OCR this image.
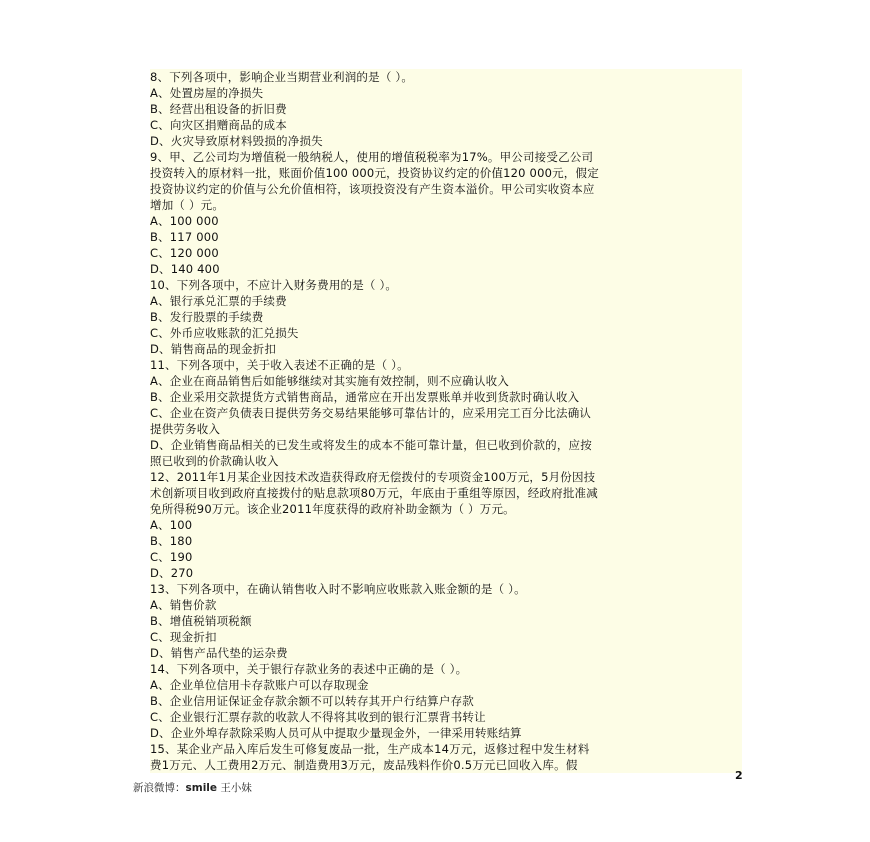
8、下列各项中，影响企业当期营业利润的是（ ）。
A、处置房屋的净损失
B、经营出租设备的折旧费
C、向灾区捐赠商品的成本
D、火灾导致原材料毁损的净损失
9、甲、乙公司均为增值税一般纳税人，使用的增值税税率为17%。甲公司接受乙公司
投资转入的原材料一批，账面价值100 000元，投资协议约定的价值120 000元，假定
投资协议约定的价值与公允价值相符，该项投资没有产生资本溢价。甲公司实收资本应
增加（ ）元。
A、100 000
B、117 000
C、120 000
D、140 400
10、下列各项中，不应计入财务费用的是（ ）。
A、银行承兑汇票的手续费
B、发行股票的手续费
C、外币应收账款的汇兑损失
D、销售商品的现金折扣
11、下列各项中，关于收入表述不正确的是（ ）。
A、企业在商品销售后如能够继续对其实施有效控制，则不应确认收入
B、企业采用交款提货方式销售商品，通常应在开出发票账单并收到货款时确认收入
C、企业在资产负债表日提供劳务交易结果能够可靠估计的，应采用完工百分比法确认
提供劳务收入
D、企业销售商品相关的已发生或将发生的成本不能可靠计量，但已收到价款的，应按
照已收到的价款确认收入
12、2011年1月某企业因技术改造获得政府无偿拨付的专项资金100万元，5月份因技
术创新项目收到政府直接拨付的贴息款项80万元，年底由于重组等原因，经政府批准减
免所得税90万元。该企业2011年度获得的政府补助金额为（ ）万元。
A、100
B、180
C、190
D、270
13、下列各项中，在确认销售收入时不影响应收账款入账金额的是（ ）。
A、销售价款
B、增值税销项税额
C、现金折扣
D、销售产品代垫的运杂费
14、下列各项中，关于银行存款业务的表述中正确的是（ ）。
A、企业单位信用卡存款账户可以存取现金
B、企业信用证保证金存款余额不可以转存其开户行结算户存款
C、企业银行汇票存款的收款人不得将其收到的银行汇票背书转让
D、企业外埠存款除采购人员可从中提取少量现金外，一律采用转账结算
15、某企业产品入库后发生可修复废品一批，生产成本14万元，返修过程中发生材料
费1万元、人工费用2万元、制造费用3万元，废品残料作价0.5万元已回收入库。假
2
新浪微博：smile 王小妹
